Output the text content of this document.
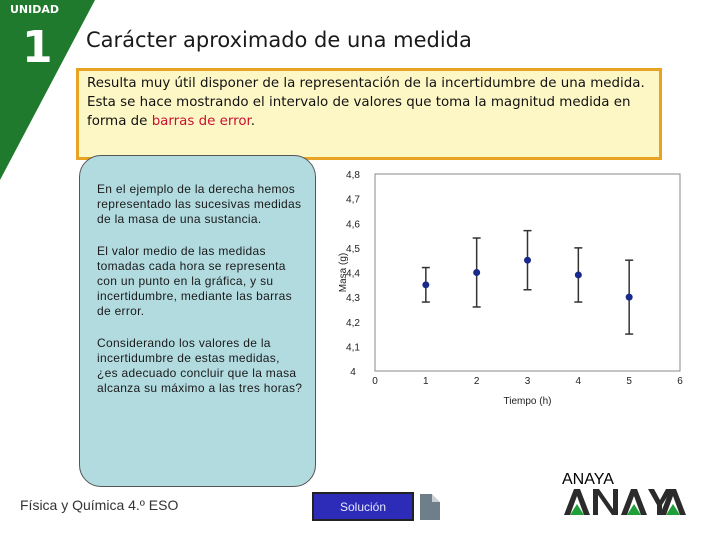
UNIDAD
1 Carácter aproximado de una medida
Resulta muy útil disponer de la representación de la incertidumbre de una medida. Esta se hace mostrando el intervalo de valores que toma la magnitud medida en forma de barras de error.

En el ejemplo de la derecha hemos representado las sucesivas medidas de la masa de una sustancia.

El valor medio de las medidas tomadas cada hora se representa con un punto en la gráfica, y su incertidumbre, mediante las barras de error.

Considerando los valores de la incertidumbre de estas medidas, ¿es adecuado concluir que la masa alcanza su máximo a las tres horas?

4
4,1
4,2
4,3
4,4
4,5
4,6
4,7
4,8
0	1	2	3	4	5	6
Tiempo (h)
Masa (g)
Física y Química 4.º ESO	Solución
ANAYA
